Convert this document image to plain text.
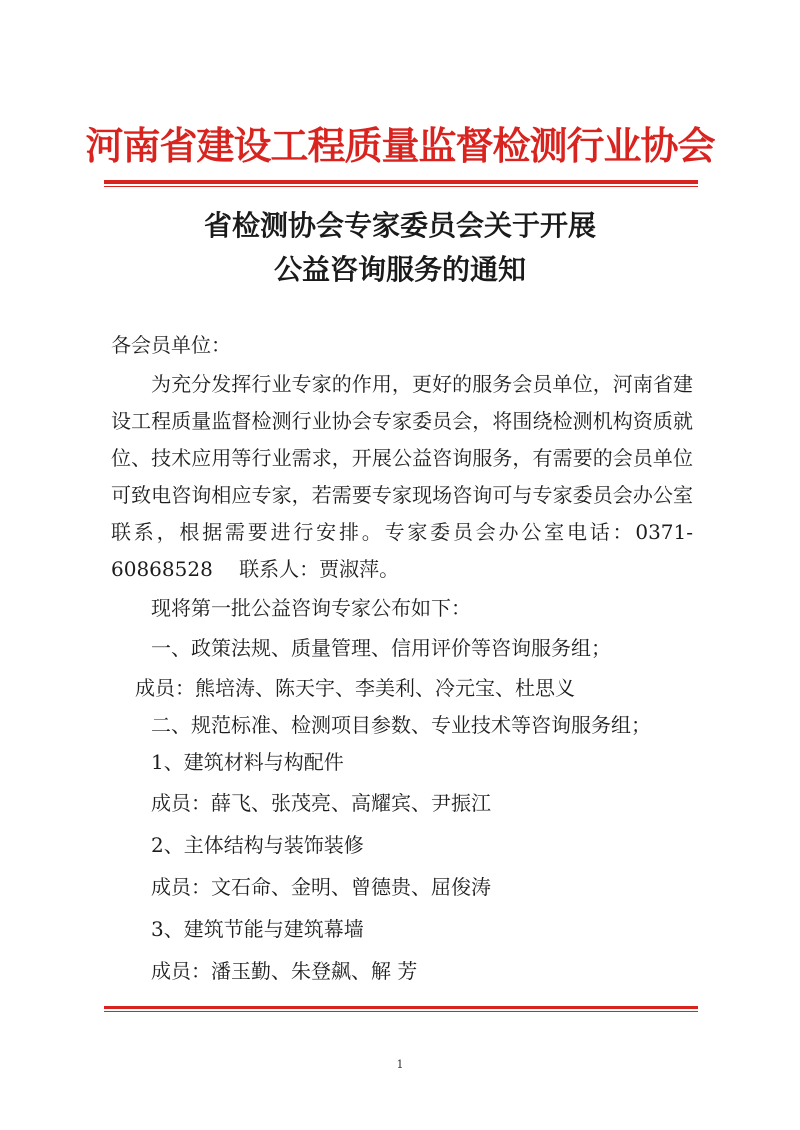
河南省建设工程质量监督检测行业协会
省检测协会专家委员会关于开展
公益咨询服务的通知
各会员单位：
为充分发挥行业专家的作用，更好的服务会员单位，河南省建设工程质量监督检测行业协会专家委员会，将围绕检测机构资质就位、技术应用等行业需求，开展公益咨询服务，有需要的会员单位可致电咨询相应专家，若需要专家现场咨询可与专家委员会办公室联系，根据需要进行安排。专家委员会办公室电话：0371-60868528　 联系人：贾淑萍。
现将第一批公益咨询专家公布如下：
一、政策法规、质量管理、信用评价等咨询服务组；
成员：熊培涛、陈天宇、李美利、冷元宝、杜思义
二、规范标准、检测项目参数、专业技术等咨询服务组；
1、建筑材料与构配件
成员：薛飞、张茂亮、高耀宾、尹振江
2、主体结构与装饰装修
成员：文石命、金明、曾德贵、屈俊涛
3、建筑节能与建筑幕墙
成员：潘玉勤、朱登飙、解 芳
1
